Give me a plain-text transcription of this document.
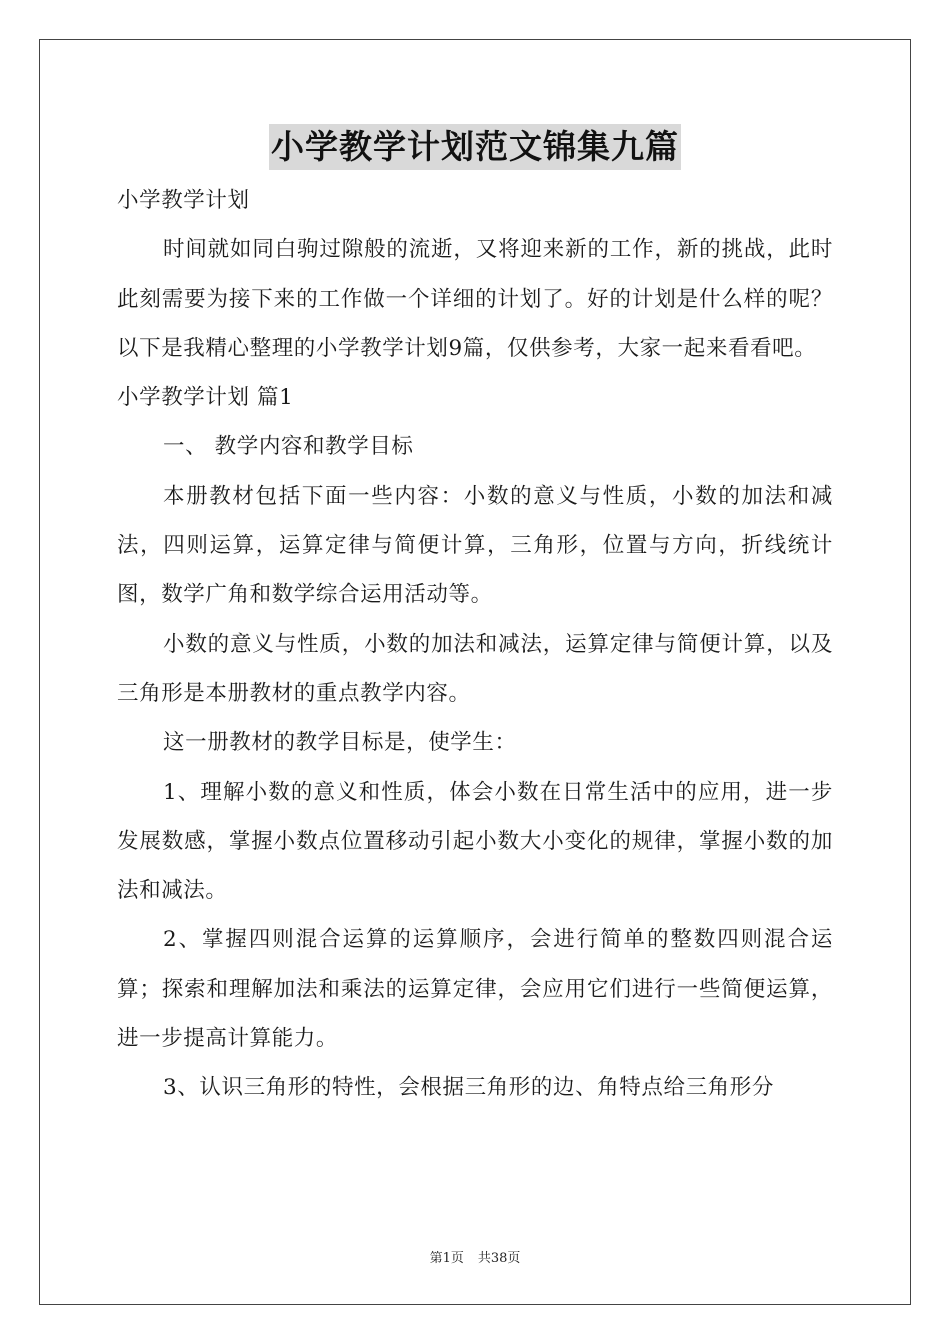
小学教学计划范文锦集九篇

小学教学计划

时间就如同白驹过隙般的流逝，又将迎来新的工作，新的挑战，此时此刻需要为接下来的工作做一个详细的计划了。好的计划是什么样的呢？以下是我精心整理的小学教学计划9篇，仅供参考，大家一起来看看吧。

小学教学计划 篇1

一、 教学内容和教学目标

本册教材包括下面一些内容：小数的意义与性质，小数的加法和减法，四则运算，运算定律与简便计算，三角形，位置与方向，折线统计图，数学广角和数学综合运用活动等。

小数的意义与性质，小数的加法和减法，运算定律与简便计算，以及三角形是本册教材的重点教学内容。

这一册教材的教学目标是，使学生：

1、理解小数的意义和性质，体会小数在日常生活中的应用，进一步发展数感，掌握小数点位置移动引起小数大小变化的规律，掌握小数的加法和减法。

2、掌握四则混合运算的运算顺序，会进行简单的整数四则混合运算；探索和理解加法和乘法的运算定律，会应用它们进行一些简便运算，进一步提高计算能力。

3、认识三角形的特性，会根据三角形的边、角特点给三角形分

第1页 共38页
